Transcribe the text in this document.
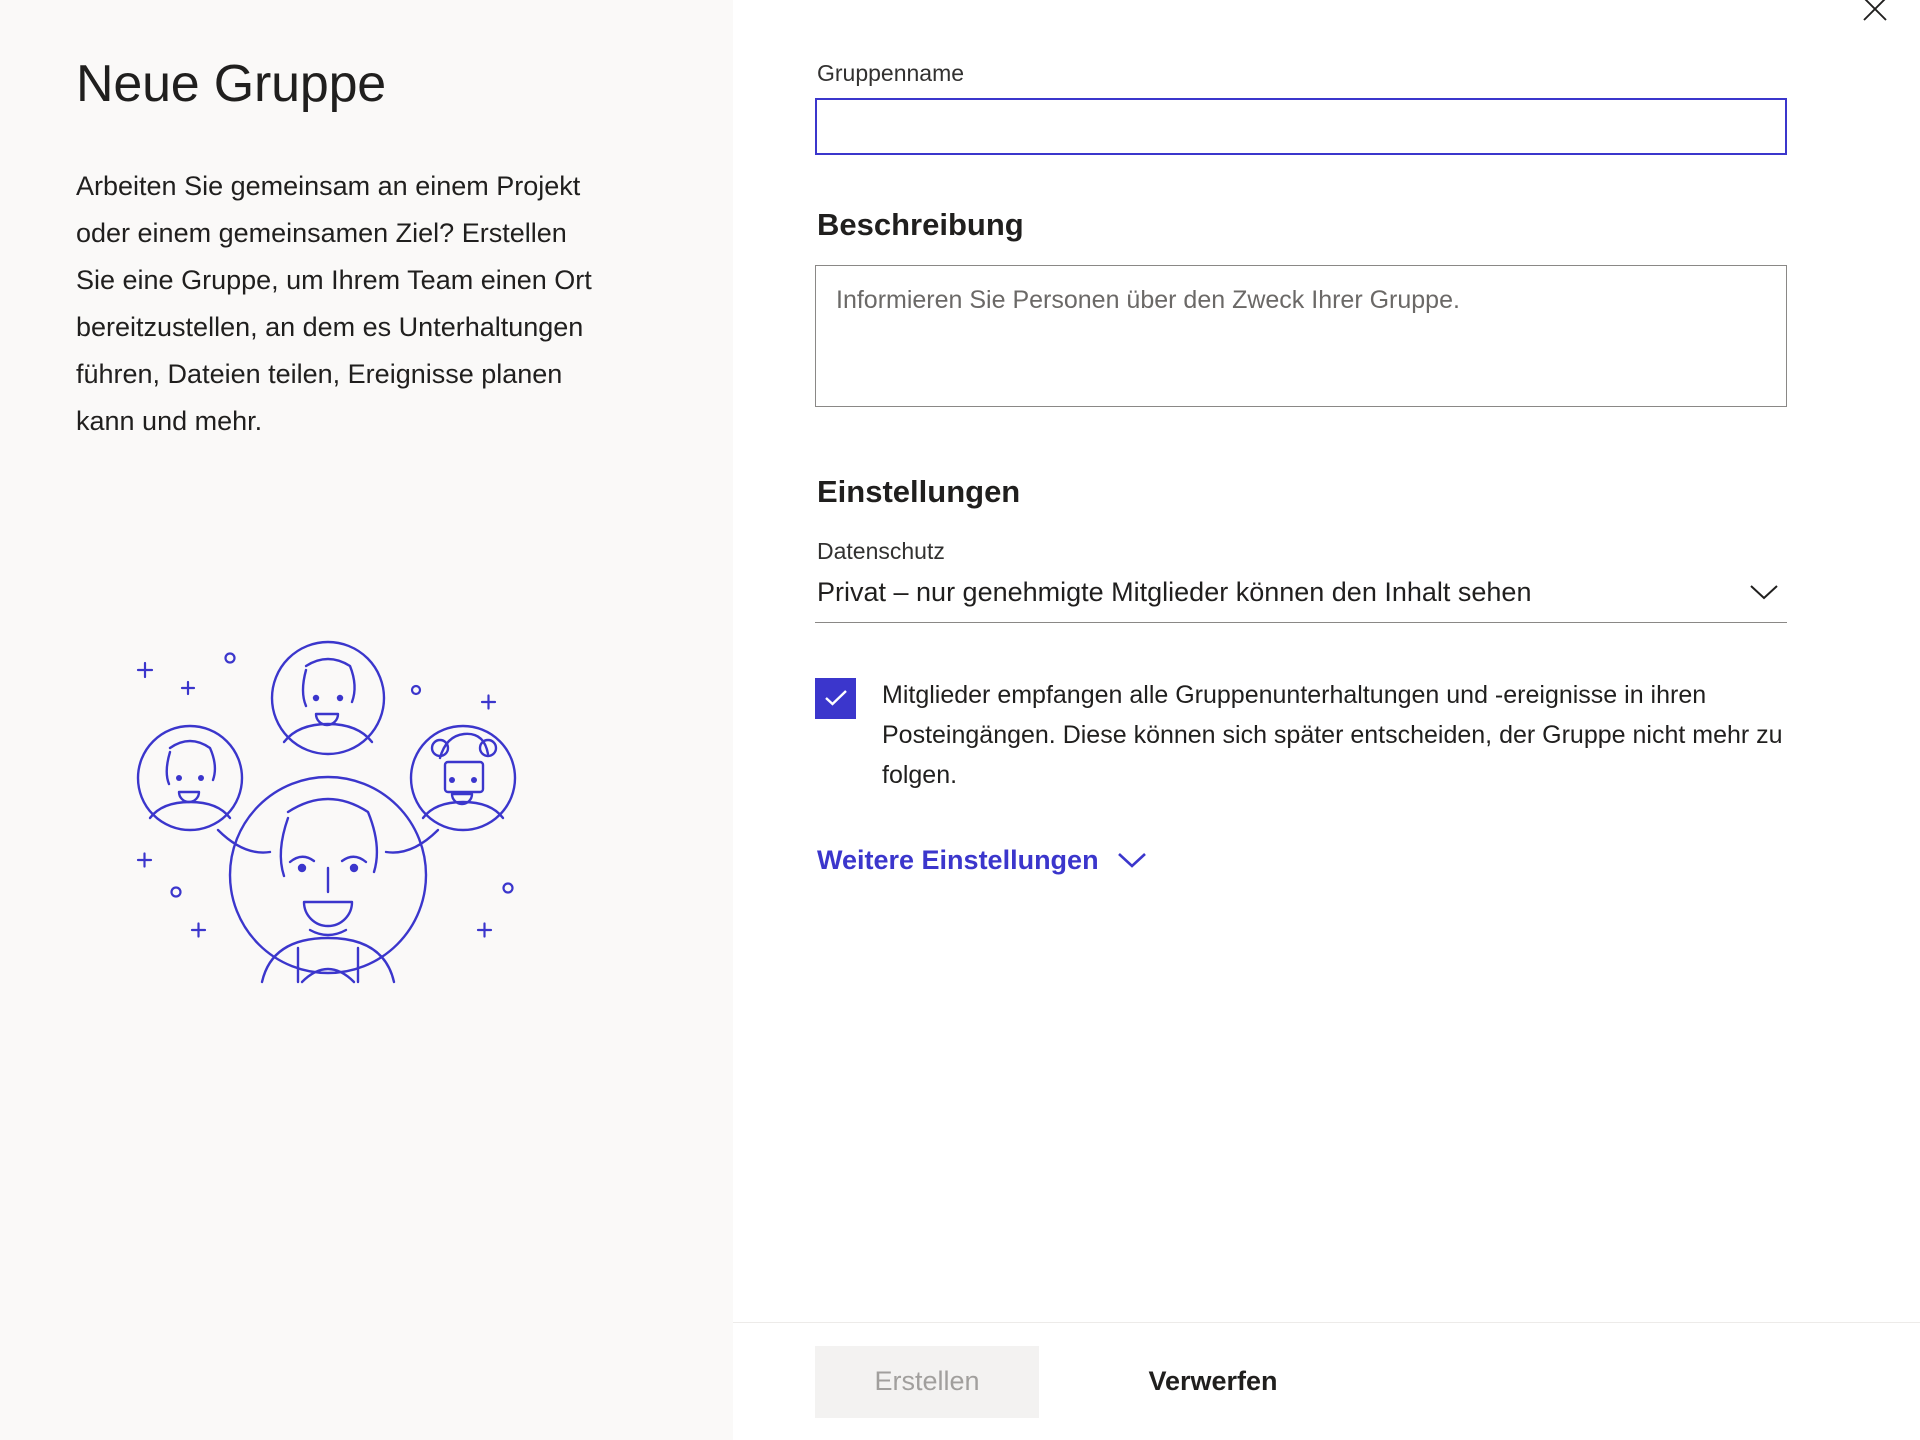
Neue Gruppe

Arbeiten Sie gemeinsam an einem Projekt oder einem gemeinsamen Ziel? Erstellen Sie eine Gruppe, um Ihrem Team einen Ort bereitzustellen, an dem es Unterhaltungen führen, Dateien teilen, Ereignisse planen kann und mehr.

Gruppenname
Beschreibung
Informieren Sie Personen über den Zweck Ihrer Gruppe.
Einstellungen
Datenschutz
Privat – nur genehmigte Mitglieder können den Inhalt sehen
Mitglieder empfangen alle Gruppenunterhaltungen und -ereignisse in ihren Posteingängen. Diese können sich später entscheiden, der Gruppe nicht mehr zu folgen.
Weitere Einstellungen
Erstellen	Verwerfen
